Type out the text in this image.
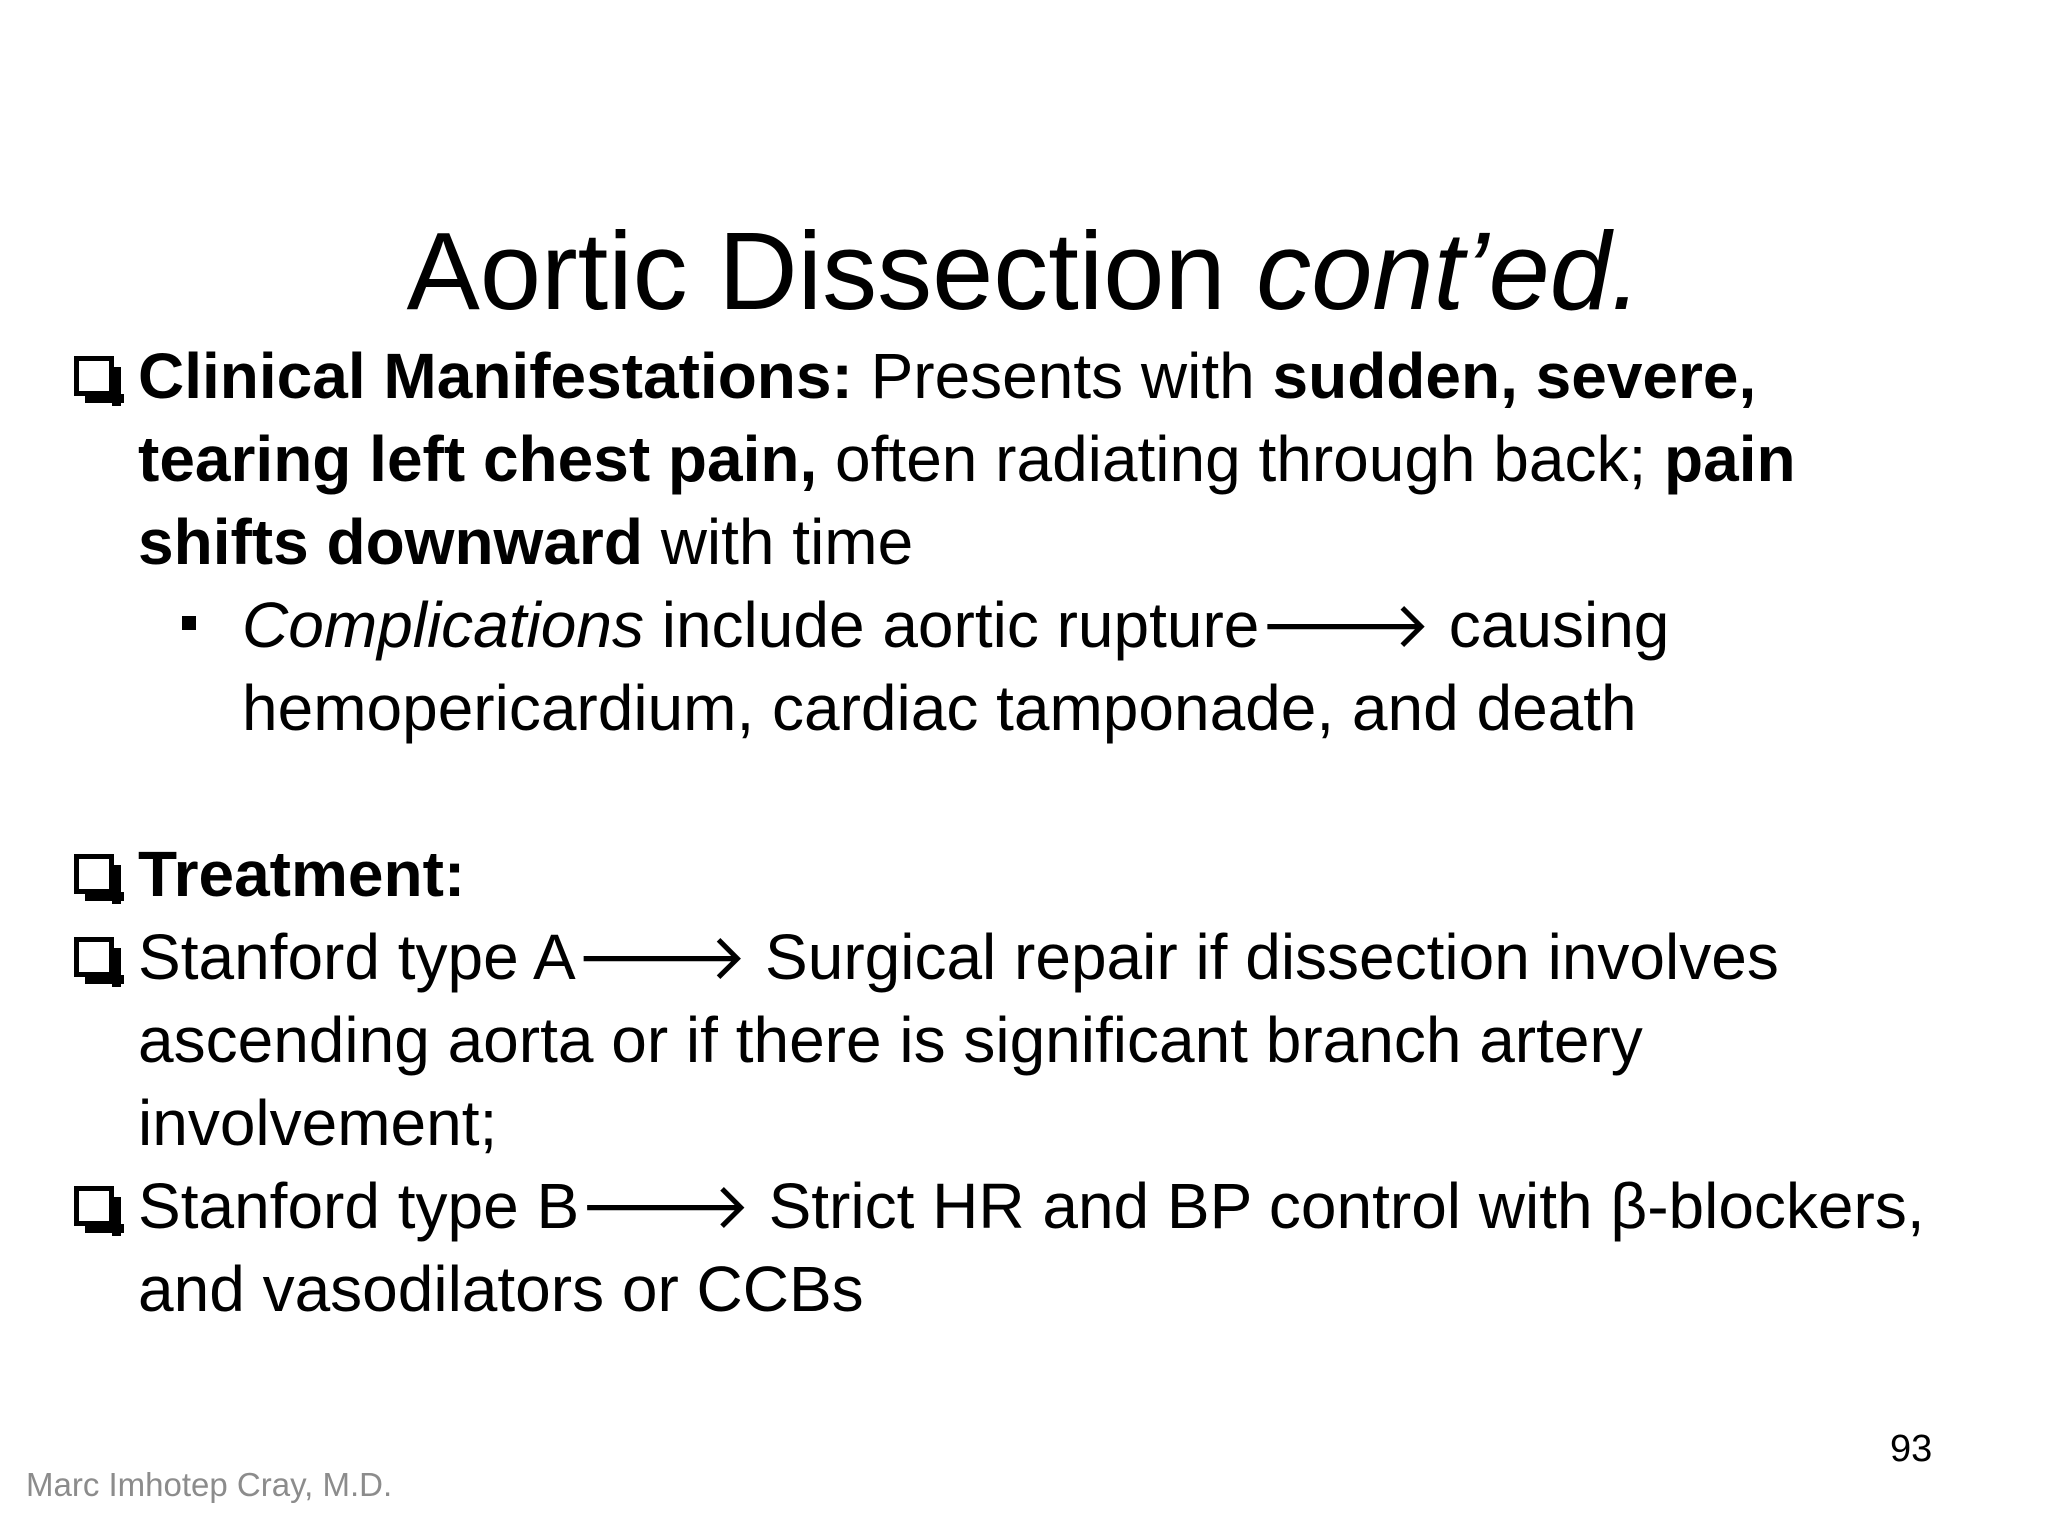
Aortic Dissection cont’ed.

Clinical Manifestations: Presents with sudden, severe, tearing left chest pain, often radiating through back; pain shifts downward with time

Complications include aortic rupture🡒 causing hemopericardium, cardiac tamponade, and death

Treatment:

Stanford type A🡒 Surgical repair if dissection involves ascending aorta or if there is significant branch artery involvement;

Stanford type B🡒 Strict HR and BP control with β-blockers, and vasodilators or CCBs

93
Marc Imhotep Cray, M.D.
